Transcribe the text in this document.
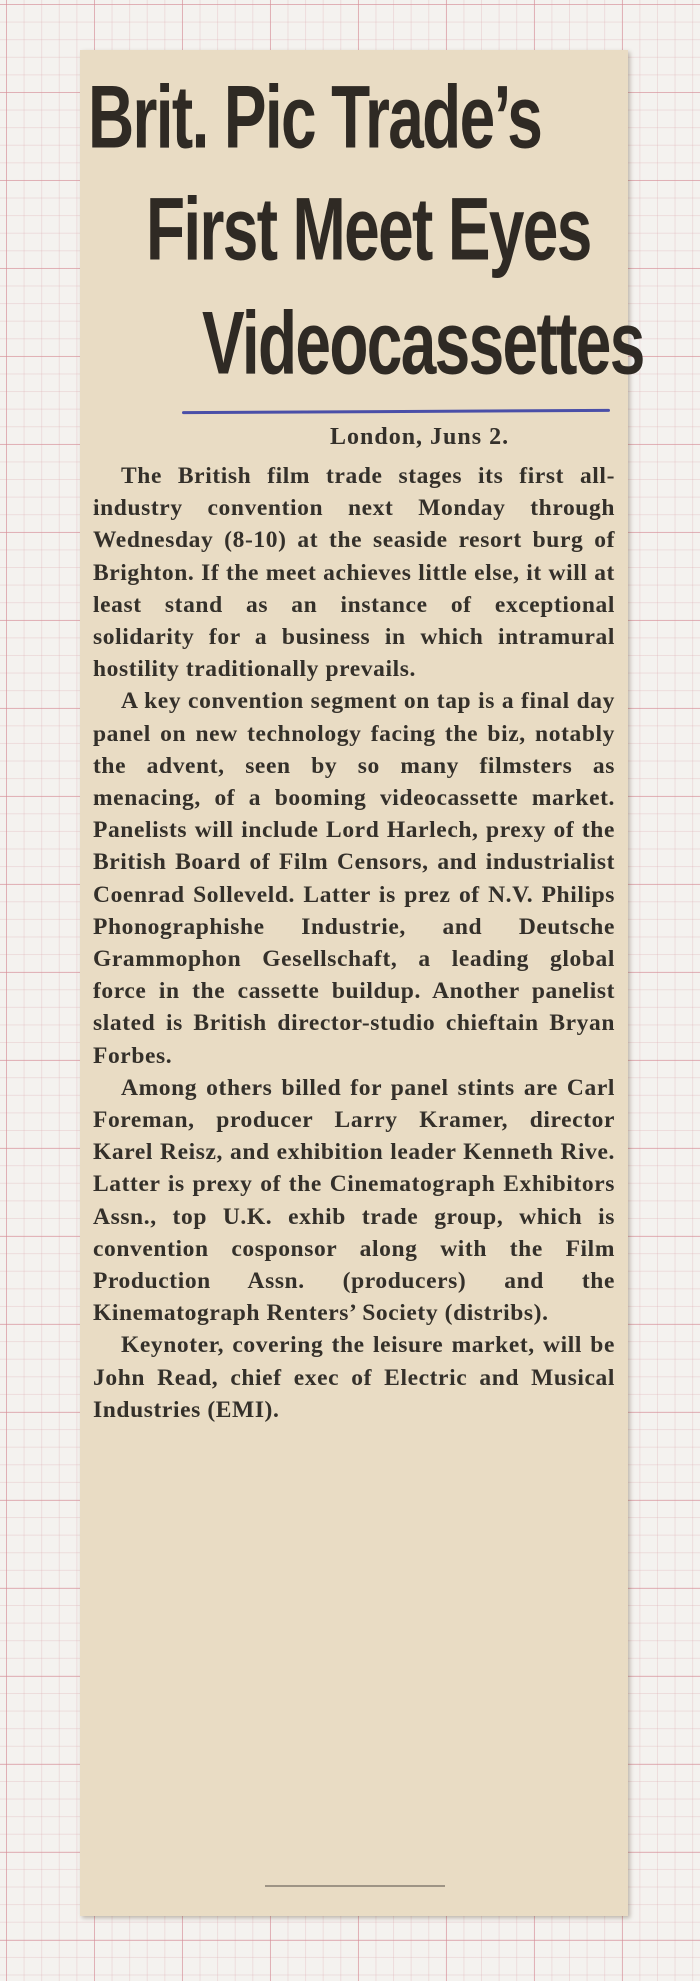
Brit. Pic Trade’s
First Meet Eyes
Videocassettes
London, Juns 2.

The British film trade stages its first all-industry convention next Monday through Wednesday (8-10) at the seaside resort burg of Brighton. If the meet achieves little else, it will at least stand as an instance of exceptional solidarity for a business in which intramural hostility traditionally prevails.

A key convention segment on tap is a final day panel on new technology facing the biz, notably the advent, seen by so many filmsters as menacing, of a booming videocassette market. Panelists will include Lord Harlech, prexy of the British Board of Film Censors, and industrialist Coenrad Solleveld. Latter is prez of N.V. Philips Phonographishe Industrie, and Deutsche Grammophon Gesellschaft, a leading global force in the cassette buildup. Another panelist slated is British director-studio chieftain Bryan Forbes.

Among others billed for panel stints are Carl Foreman, producer Larry Kramer, director Karel Reisz, and exhibition leader Kenneth Rive. Latter is prexy of the Cinematograph Exhibitors Assn., top U.K. exhib trade group, which is convention cosponsor along with the Film Production Assn. (producers) and the Kinematograph Renters’ Society (distribs).

Keynoter, covering the leisure market, will be John Read, chief exec of Electric and Musical Industries (EMI).
